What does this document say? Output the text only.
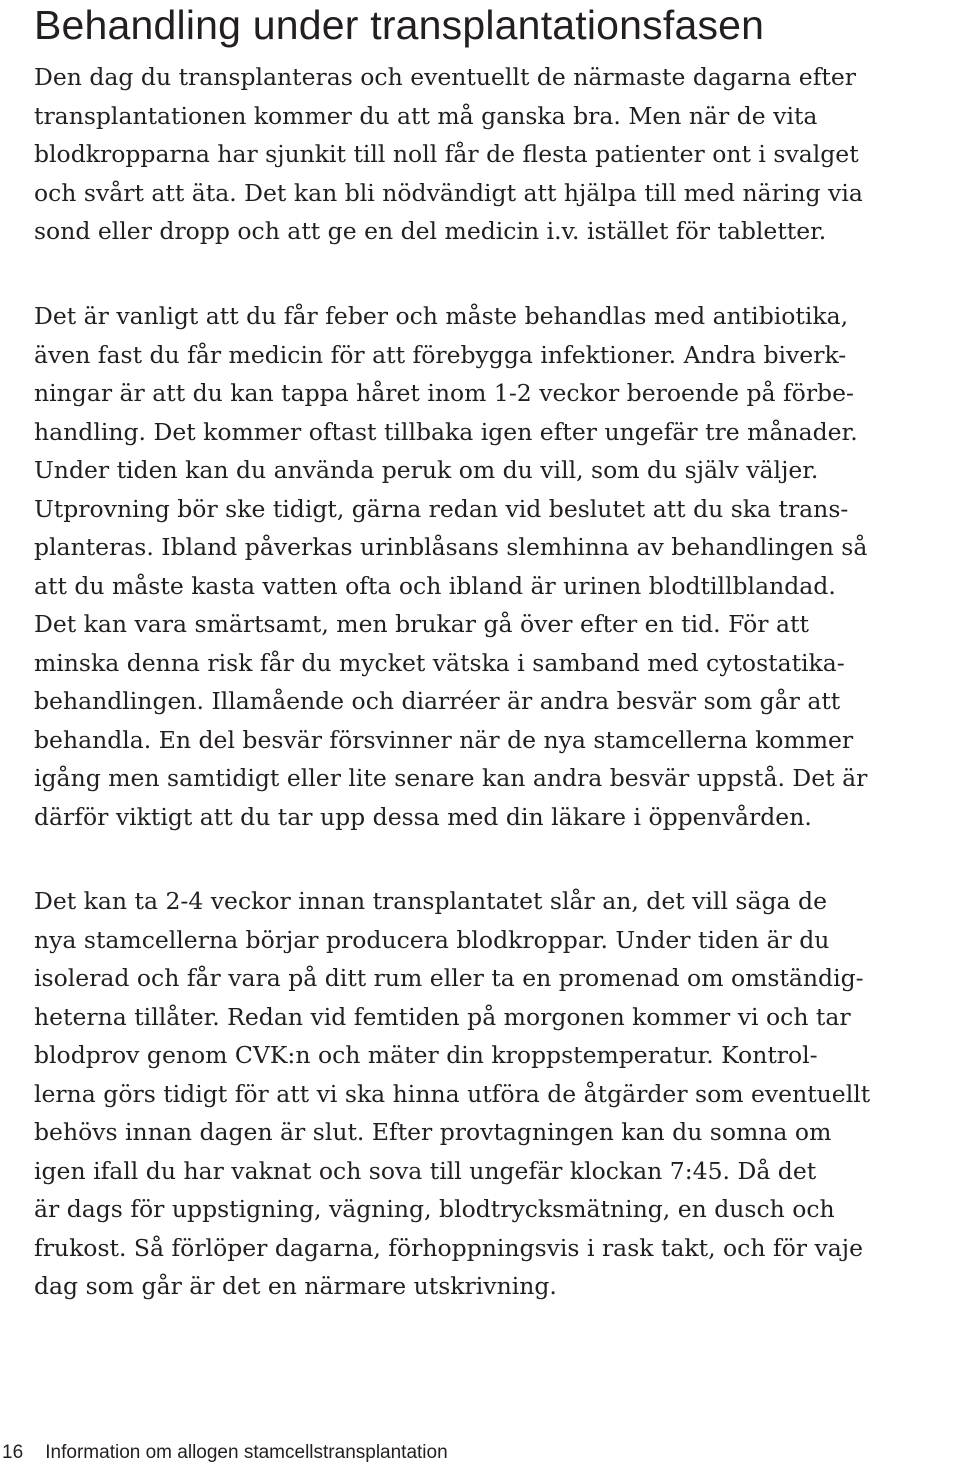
Behandling under transplantationsfasen
Den dag du transplanteras och eventuellt de närmaste dagarna efter
transplantationen kommer du att må ganska bra. Men när de vita
blodkropparna har sjunkit till noll får de flesta patienter ont i svalget
och svårt att äta. Det kan bli nödvändigt att hjälpa till med näring via
sond eller dropp och att ge en del medicin i.v. istället för tabletter.
Det är vanligt att du får feber och måste behandlas med antibiotika,
även fast du får medicin för att förebygga infektioner. Andra biverk-
ningar är att du kan tappa håret inom 1-2 veckor beroende på förbe-
handling. Det kommer oftast tillbaka igen efter ungefär tre månader.
Under tiden kan du använda peruk om du vill, som du själv väljer.
Utprovning bör ske tidigt, gärna redan vid beslutet att du ska trans-
planteras. Ibland påverkas urinblåsans slemhinna av behandlingen så
att du måste kasta vatten ofta och ibland är urinen blodtillblandad.
Det kan vara smärtsamt, men brukar gå över efter en tid. För att
minska denna risk får du mycket vätska i samband med cytostatika-
behandlingen. Illamående och diarréer är andra besvär som går att
behandla. En del besvär försvinner när de nya stamcellerna kommer
igång men samtidigt eller lite senare kan andra besvär uppstå. Det är
därför viktigt att du tar upp dessa med din läkare i öppenvården.
Det kan ta 2-4 veckor innan transplantatet slår an, det vill säga de
nya stamcellerna börjar producera blodkroppar. Under tiden är du
isolerad och får vara på ditt rum eller ta en promenad om omständig-
heterna tillåter. Redan vid femtiden på morgonen kommer vi och tar
blodprov genom CVK:n och mäter din kroppstemperatur. Kontrol-
lerna görs tidigt för att vi ska hinna utföra de åtgärder som eventuellt
behövs innan dagen är slut. Efter provtagningen kan du somna om
igen ifall du har vaknat och sova till ungefär klockan 7:45. Då det
är dags för uppstigning, vägning, blodtrycksmätning, en dusch och
frukost. Så förlöper dagarna, förhoppningsvis i rask takt, och för vaje
dag som går är det en närmare utskrivning.
16 Information om allogen stamcellstransplantation
